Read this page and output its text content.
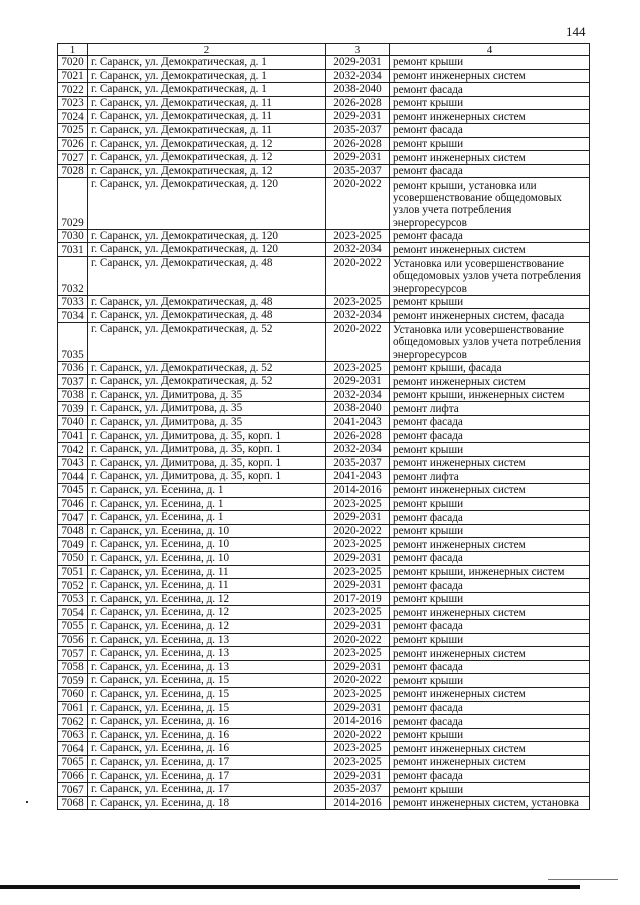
144
1	2	3	4
7020	г. Саранск, ул. Демократическая, д. 1	2029-2031	ремонт крыши
7021	г. Саранск, ул. Демократическая, д. 1	2032-2034	ремонт инженерных систем
7022	г. Саранск, ул. Демократическая, д. 1	2038-2040	ремонт фасада
7023	г. Саранск, ул. Демократическая, д. 11	2026-2028	ремонт крыши
7024	г. Саранск, ул. Демократическая, д. 11	2029-2031	ремонт инженерных систем
7025	г. Саранск, ул. Демократическая, д. 11	2035-2037	ремонт фасада
7026	г. Саранск, ул. Демократическая, д. 12	2026-2028	ремонт крыши
7027	г. Саранск, ул. Демократическая, д. 12	2029-2031	ремонт инженерных систем
7028	г. Саранск, ул. Демократическая, д. 12	2035-2037	ремонт фасада
7029	г. Саранск, ул. Демократическая, д. 120	2020-2022	ремонт крыши, установка или усовершенствование общедомовых узлов учета потребления энергоресурсов
7030	г. Саранск, ул. Демократическая, д. 120	2023-2025	ремонт фасада
7031	г. Саранск, ул. Демократическая, д. 120	2032-2034	ремонт инженерных систем
7032	г. Саранск, ул. Демократическая, д. 48	2020-2022	Установка или усовершенствование общедомовых узлов учета потребления энергоресурсов
7033	г. Саранск, ул. Демократическая, д. 48	2023-2025	ремонт крыши
7034	г. Саранск, ул. Демократическая, д. 48	2032-2034	ремонт инженерных систем, фасада
7035	г. Саранск, ул. Демократическая, д. 52	2020-2022	Установка или усовершенствование общедомовых узлов учета потребления энергоресурсов
7036	г. Саранск, ул. Демократическая, д. 52	2023-2025	ремонт крыши, фасада
7037	г. Саранск, ул. Демократическая, д. 52	2029-2031	ремонт инженерных систем
7038	г. Саранск, ул. Димитрова, д. 35	2032-2034	ремонт крыши, инженерных систем
7039	г. Саранск, ул. Димитрова, д. 35	2038-2040	ремонт лифта
7040	г. Саранск, ул. Димитрова, д. 35	2041-2043	ремонт фасада
7041	г. Саранск, ул. Димитрова, д. 35, корп. 1	2026-2028	ремонт фасада
7042	г. Саранск, ул. Димитрова, д. 35, корп. 1	2032-2034	ремонт крыши
7043	г. Саранск, ул. Димитрова, д. 35, корп. 1	2035-2037	ремонт инженерных систем
7044	г. Саранск, ул. Димитрова, д. 35, корп. 1	2041-2043	ремонт лифта
7045	г. Саранск, ул. Есенина, д. 1	2014-2016	ремонт инженерных систем
7046	г. Саранск, ул. Есенина, д. 1	2023-2025	ремонт крыши
7047	г. Саранск, ул. Есенина, д. 1	2029-2031	ремонт фасада
7048	г. Саранск, ул. Есенина, д. 10	2020-2022	ремонт крыши
7049	г. Саранск, ул. Есенина, д. 10	2023-2025	ремонт инженерных систем
7050	г. Саранск, ул. Есенина, д. 10	2029-2031	ремонт фасада
7051	г. Саранск, ул. Есенина, д. 11	2023-2025	ремонт крыши, инженерных систем
7052	г. Саранск, ул. Есенина, д. 11	2029-2031	ремонт фасада
7053	г. Саранск, ул. Есенина, д. 12	2017-2019	ремонт крыши
7054	г. Саранск, ул. Есенина, д. 12	2023-2025	ремонт инженерных систем
7055	г. Саранск, ул. Есенина, д. 12	2029-2031	ремонт фасада
7056	г. Саранск, ул. Есенина, д. 13	2020-2022	ремонт крыши
7057	г. Саранск, ул. Есенина, д. 13	2023-2025	ремонт инженерных систем
7058	г. Саранск, ул. Есенина, д. 13	2029-2031	ремонт фасада
7059	г. Саранск, ул. Есенина, д. 15	2020-2022	ремонт крыши
7060	г. Саранск, ул. Есенина, д. 15	2023-2025	ремонт инженерных систем
7061	г. Саранск, ул. Есенина, д. 15	2029-2031	ремонт фасада
7062	г. Саранск, ул. Есенина, д. 16	2014-2016	ремонт фасада
7063	г. Саранск, ул. Есенина, д. 16	2020-2022	ремонт крыши
7064	г. Саранск, ул. Есенина, д. 16	2023-2025	ремонт инженерных систем
7065	г. Саранск, ул. Есенина, д. 17	2023-2025	ремонт инженерных систем
7066	г. Саранск, ул. Есенина, д. 17	2029-2031	ремонт фасада
7067	г. Саранск, ул. Есенина, д. 17	2035-2037	ремонт крыши
7068	г. Саранск, ул. Есенина, д. 18	2014-2016	ремонт инженерных систем, установка
